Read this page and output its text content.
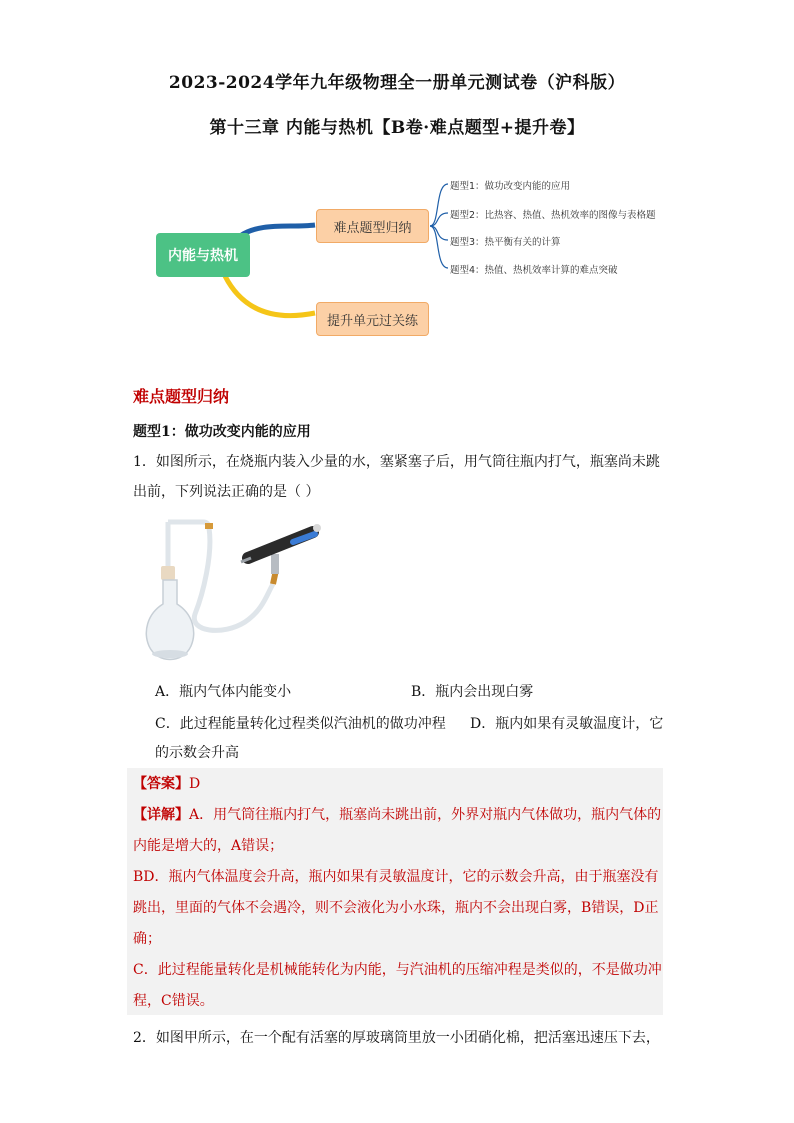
2023-2024学年九年级物理全一册单元测试卷（沪科版）
第十三章 内能与热机【B卷·难点题型+提升卷】
内能与热机
难点题型归纳
提升单元过关练
题型1：做功改变内能的应用
题型2：比热容、热值、热机效率的图像与表格题
题型3：热平衡有关的计算
题型4：热值、热机效率计算的难点突破
难点题型归纳
题型1：做功改变内能的应用
1．如图所示，在烧瓶内装入少量的水，塞紧塞子后，用气筒往瓶内打气，瓶塞尚未跳
出前，下列说法正确的是（ ）
A．瓶内气体内能变小	B．瓶内会出现白雾
C．此过程能量转化过程类似汽油机的做功冲程 D．瓶内如果有灵敏温度计，它
的示数会升高
【答案】D
【详解】A．用气筒往瓶内打气，瓶塞尚未跳出前，外界对瓶内气体做功，瓶内气体的
内能是增大的，A错误；
BD．瓶内气体温度会升高，瓶内如果有灵敏温度计，它的示数会升高，由于瓶塞没有
跳出，里面的气体不会遇冷，则不会液化为小水珠，瓶内不会出现白雾，B错误，D正
确；
C．此过程能量转化是机械能转化为内能，与汽油机的压缩冲程是类似的，不是做功冲
程，C错误。
2．如图甲所示，在一个配有活塞的厚玻璃筒里放一小团硝化棉，把活塞迅速压下去，
